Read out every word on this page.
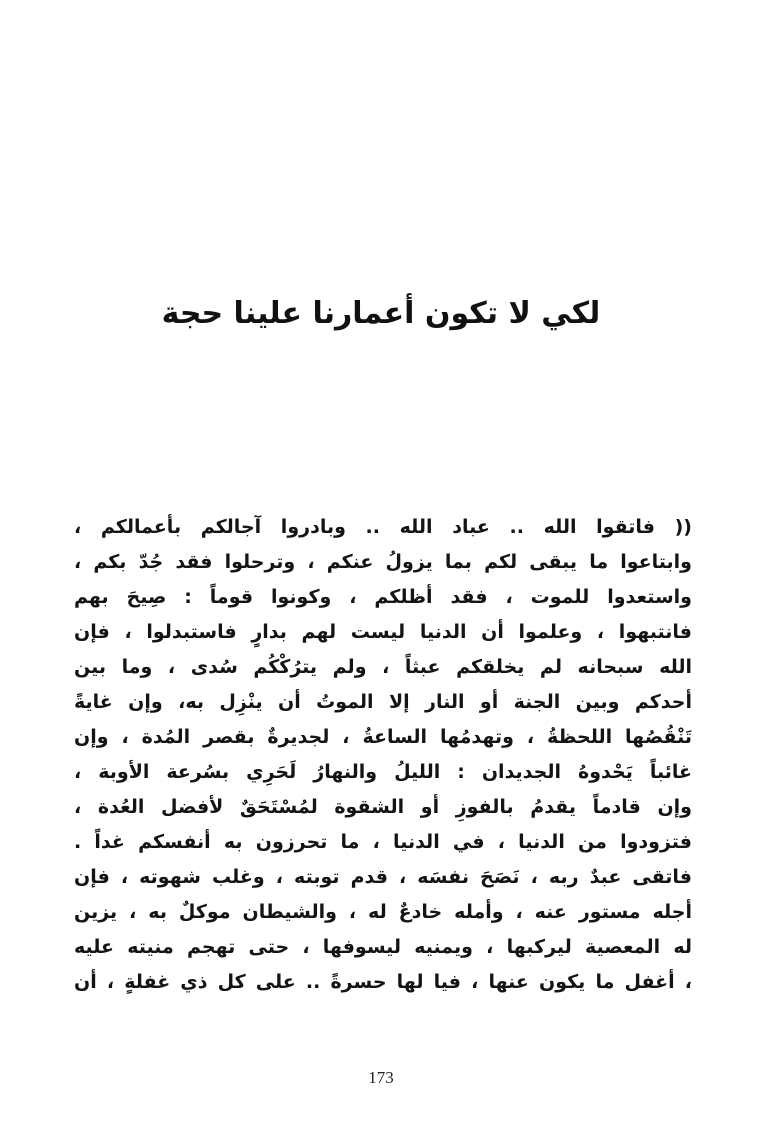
لكي لا تكون أعمارنا علينا حجة
(( فاتقوا الله .. عباد الله .. وبادروا آجالكم بأعمالكم ،
وابتاعوا ما يبقى لكم بما يزولُ عنكم ، وترحلوا فقد جُدّ بكم ،
واستعدوا للموت ، فقد أظلكم ، وكونوا قوماً : صِيحَ بهم
فانتبهوا ، وعلموا أن الدنيا ليست لهم بدارٍ فاستبدلوا ، فإن
الله سبحانه لم يخلقكم عبثاً ، ولم يترُكْكُم سُدى ، وما بين
أحدكم وبين الجنة أو النار إلا الموتُ أن ينْزِل به، وإن غايةً
تَنْقُصُها اللحظةُ ، وتهدمُها الساعةُ ، لجديرةٌ بقصر المُدة ، وإن
غائباً يَحْدوهُ الجديدان : الليلُ والنهارُ لَحَرِي بسُرعة الأوبة ،
وإن قادماً يقدمُ بالفوزِ أو الشقوة لمُسْتَحَقٌ لأفضل العُدة ،
فتزودوا من الدنيا ، في الدنيا ، ما تحرزون به أنفسكم غداً .
فاتقى عبدٌ ربه ، نَصَحَ نفسَه ، قدم توبته ، وغلب شهوته ، فإن
أجله مستور عنه ، وأمله خادعٌ له ، والشيطان موكلٌ به ، يزين
له المعصية ليركبها ، ويمنيه ليسوفها ، حتى تهجم منيته عليه
، أغفل ما يكون عنها ، فيا لها حسرةً .. على كل ذي غفلةٍ ، أن
173
